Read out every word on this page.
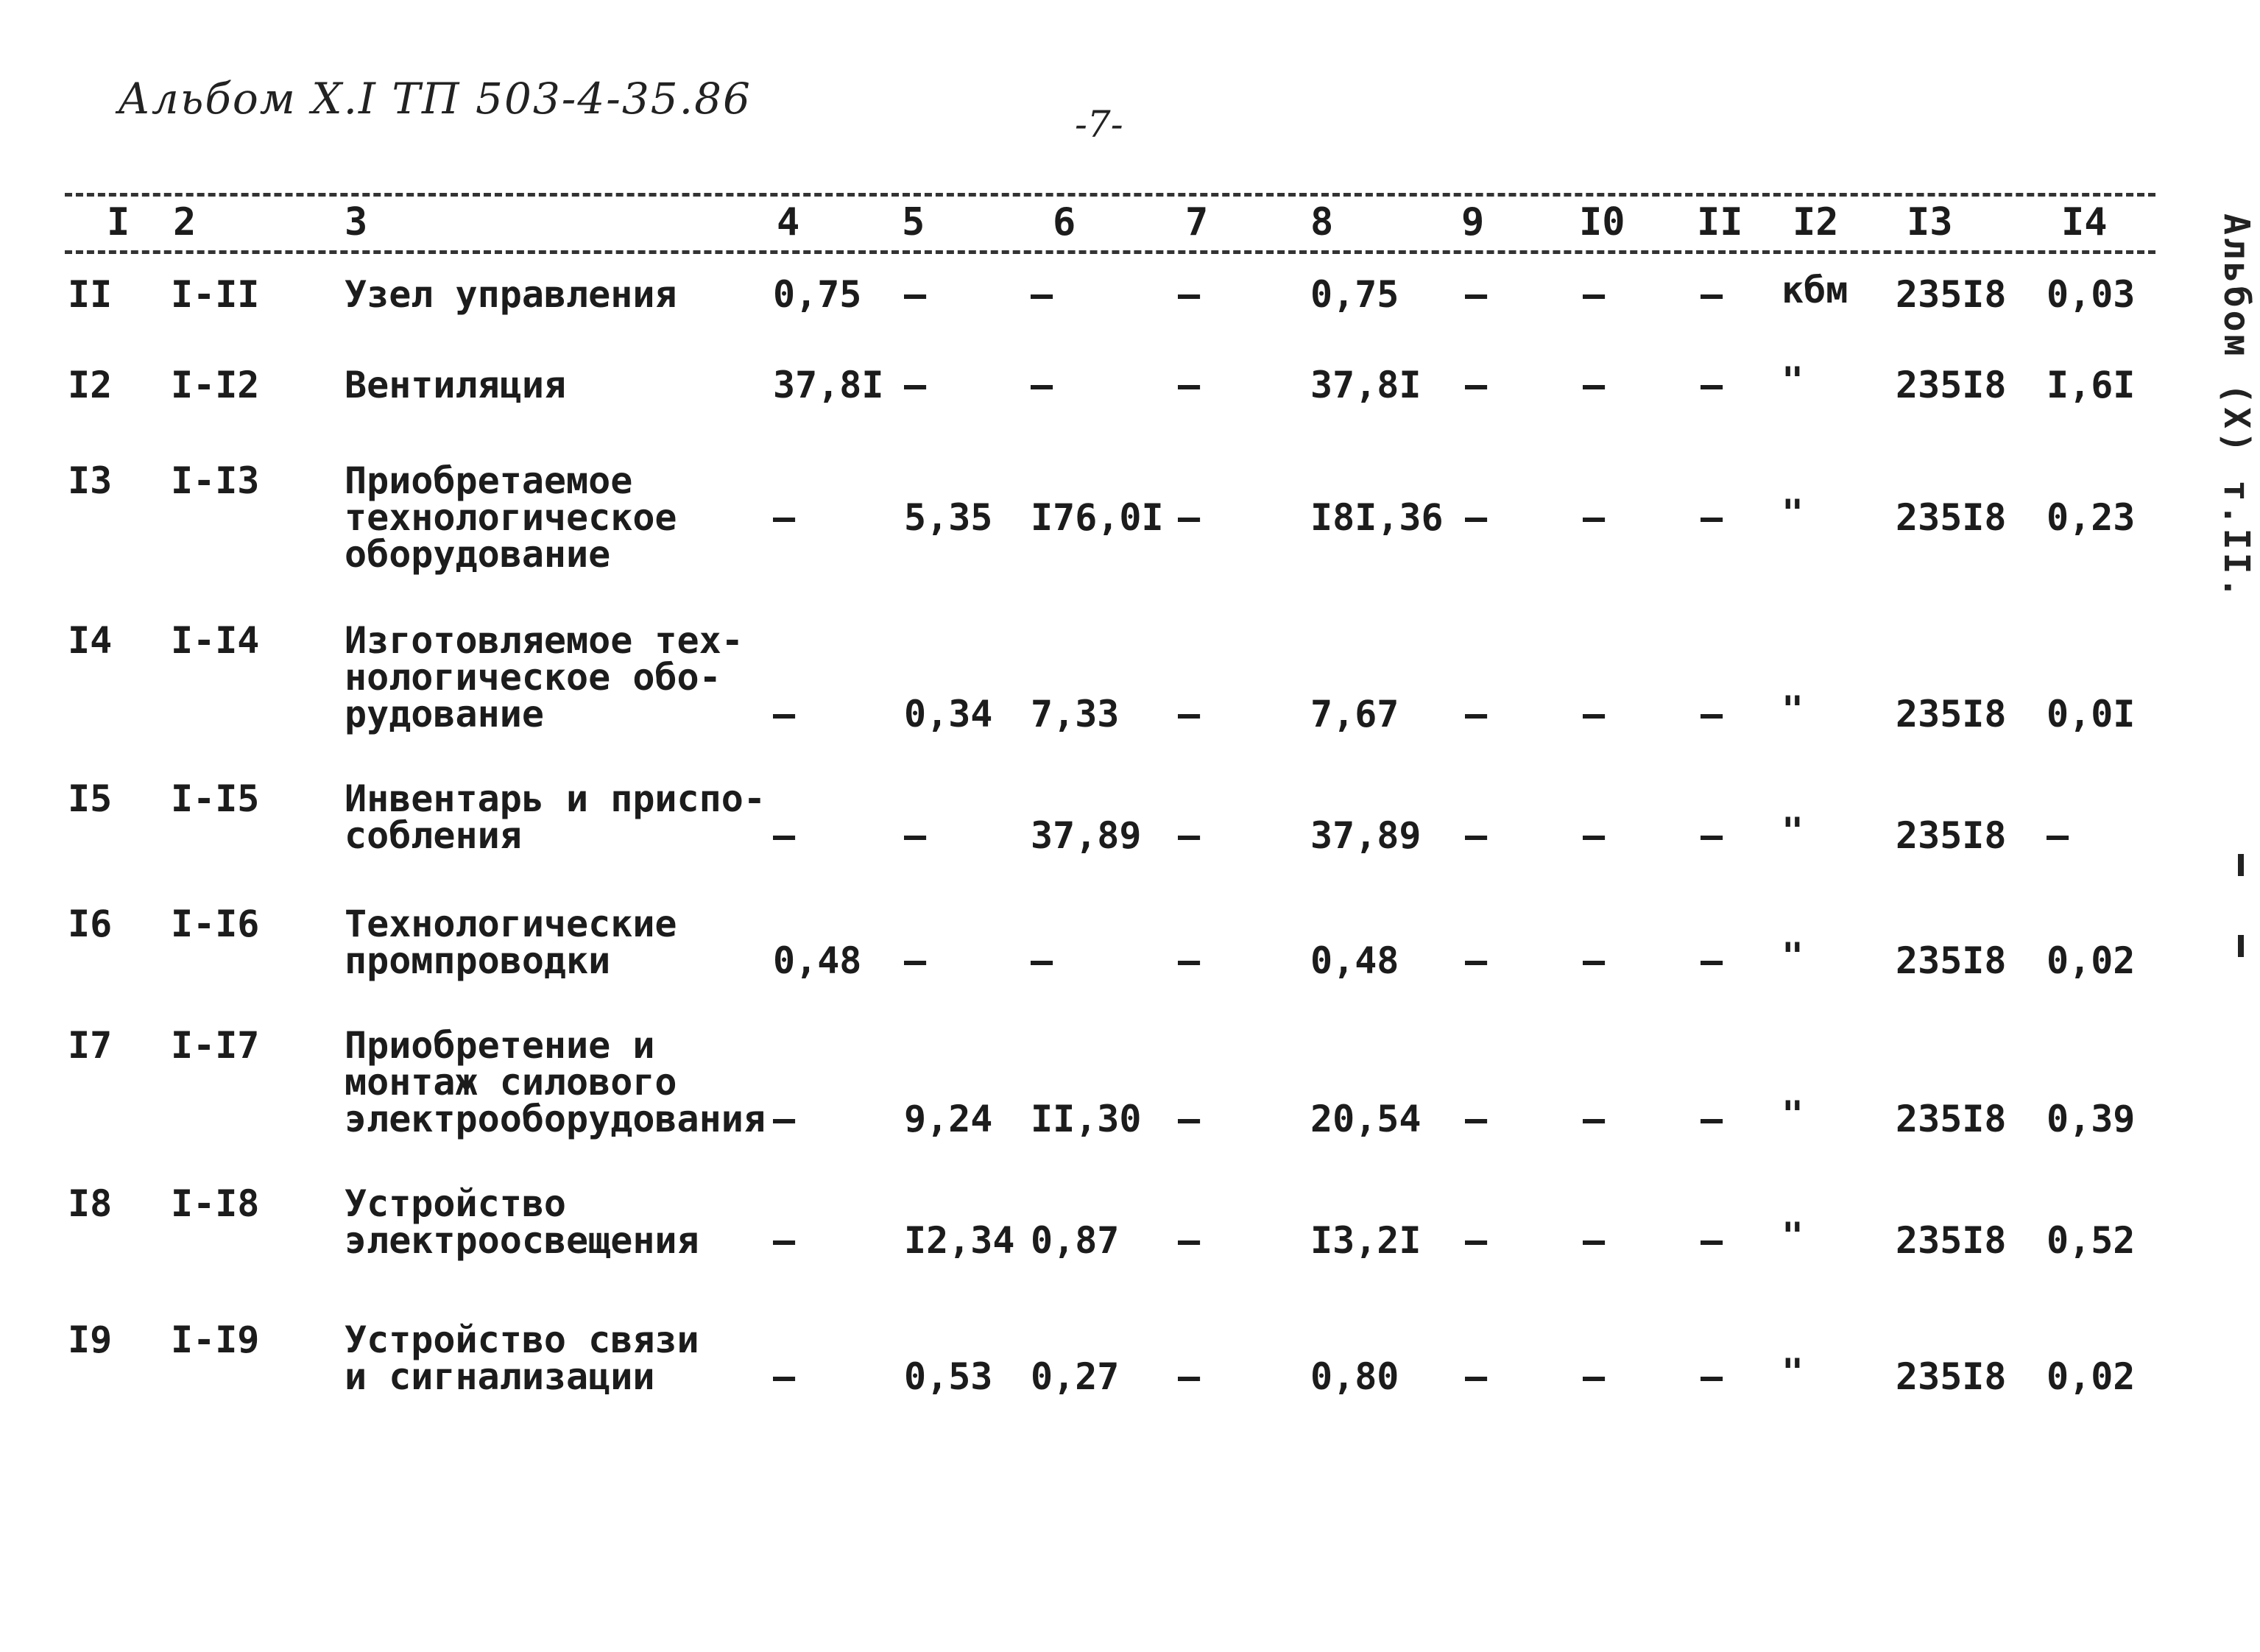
Альбом Х.I ТП 503-4-35.86
-7-
Альбом (X) т.II.
I 2	3	4	5	6	7	8	9 I0 II I2 I3	I4
II I-II Узел управления	0,75 –	–	–	0,75 –	–	– кбм 235I8 0,03
I2 I-I2 Вентиляция	37,8I –	–	–	37,8I –	–	– " 235I8 I,6I
I3 I-I3 Приобретаемое
технологическое
оборудование
–	5,35 I76,0I –	I8I,36 –	–	– " 235I8 0,23
I4 I-I4 Изготовляемое тех-
нологическое обо-
рудование	–	0,34 7,33 –	7,67 –	–	– " 235I8 0,0I
I5 I-I5 Инвентарь и приспо-
собления	–	–	37,89 –	37,89 –	–	– " 235I8 –
I6 I-I6 Технологические
промпроводки	0,48 –	–	–	0,48 –	–	– " 235I8 0,02
I7 I-I7 Приобретение и
монтаж силового
электрооборудования –	9,24 II,30 –	20,54 –	–	– " 235I8 0,39
I8 I-I8 Устройство
электроосвещения –	I2,34 0,87 –	I3,2I –	–	– " 235I8 0,52
I9 I-I9 Устройство связи
и сигнализации	–	0,53 0,27 –	0,80 –	–	– " 235I8 0,02
